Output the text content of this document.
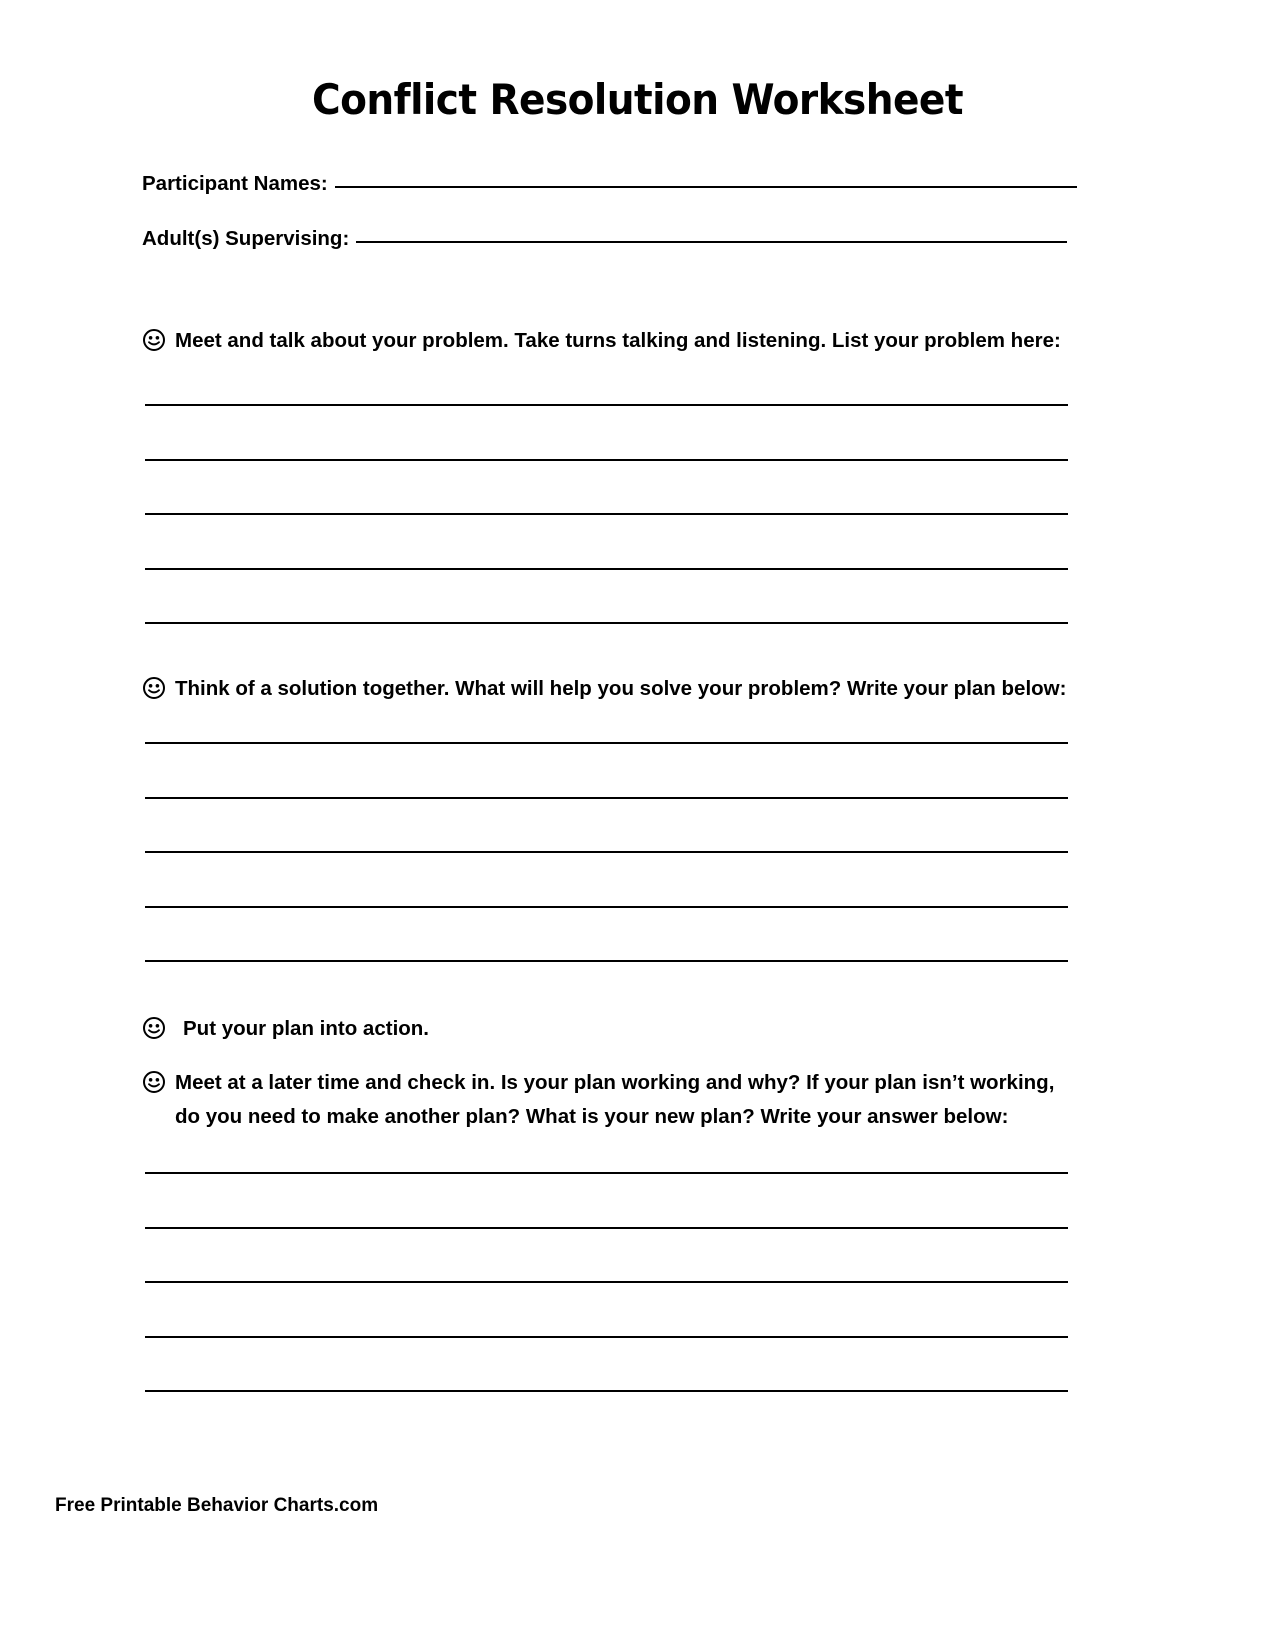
Conflict Resolution Worksheet
Participant Names:
Adult(s) Supervising:
Meet and talk about your problem. Take turns talking and listening. List your problem here:
Think of a solution together. What will help you solve your problem? Write your plan below:
Put your plan into action.
Meet at a later time and check in. Is your plan working and why? If your plan isn’t working, do you need to make another plan? What is your new plan? Write your answer below:
Free Printable Behavior Charts.com
